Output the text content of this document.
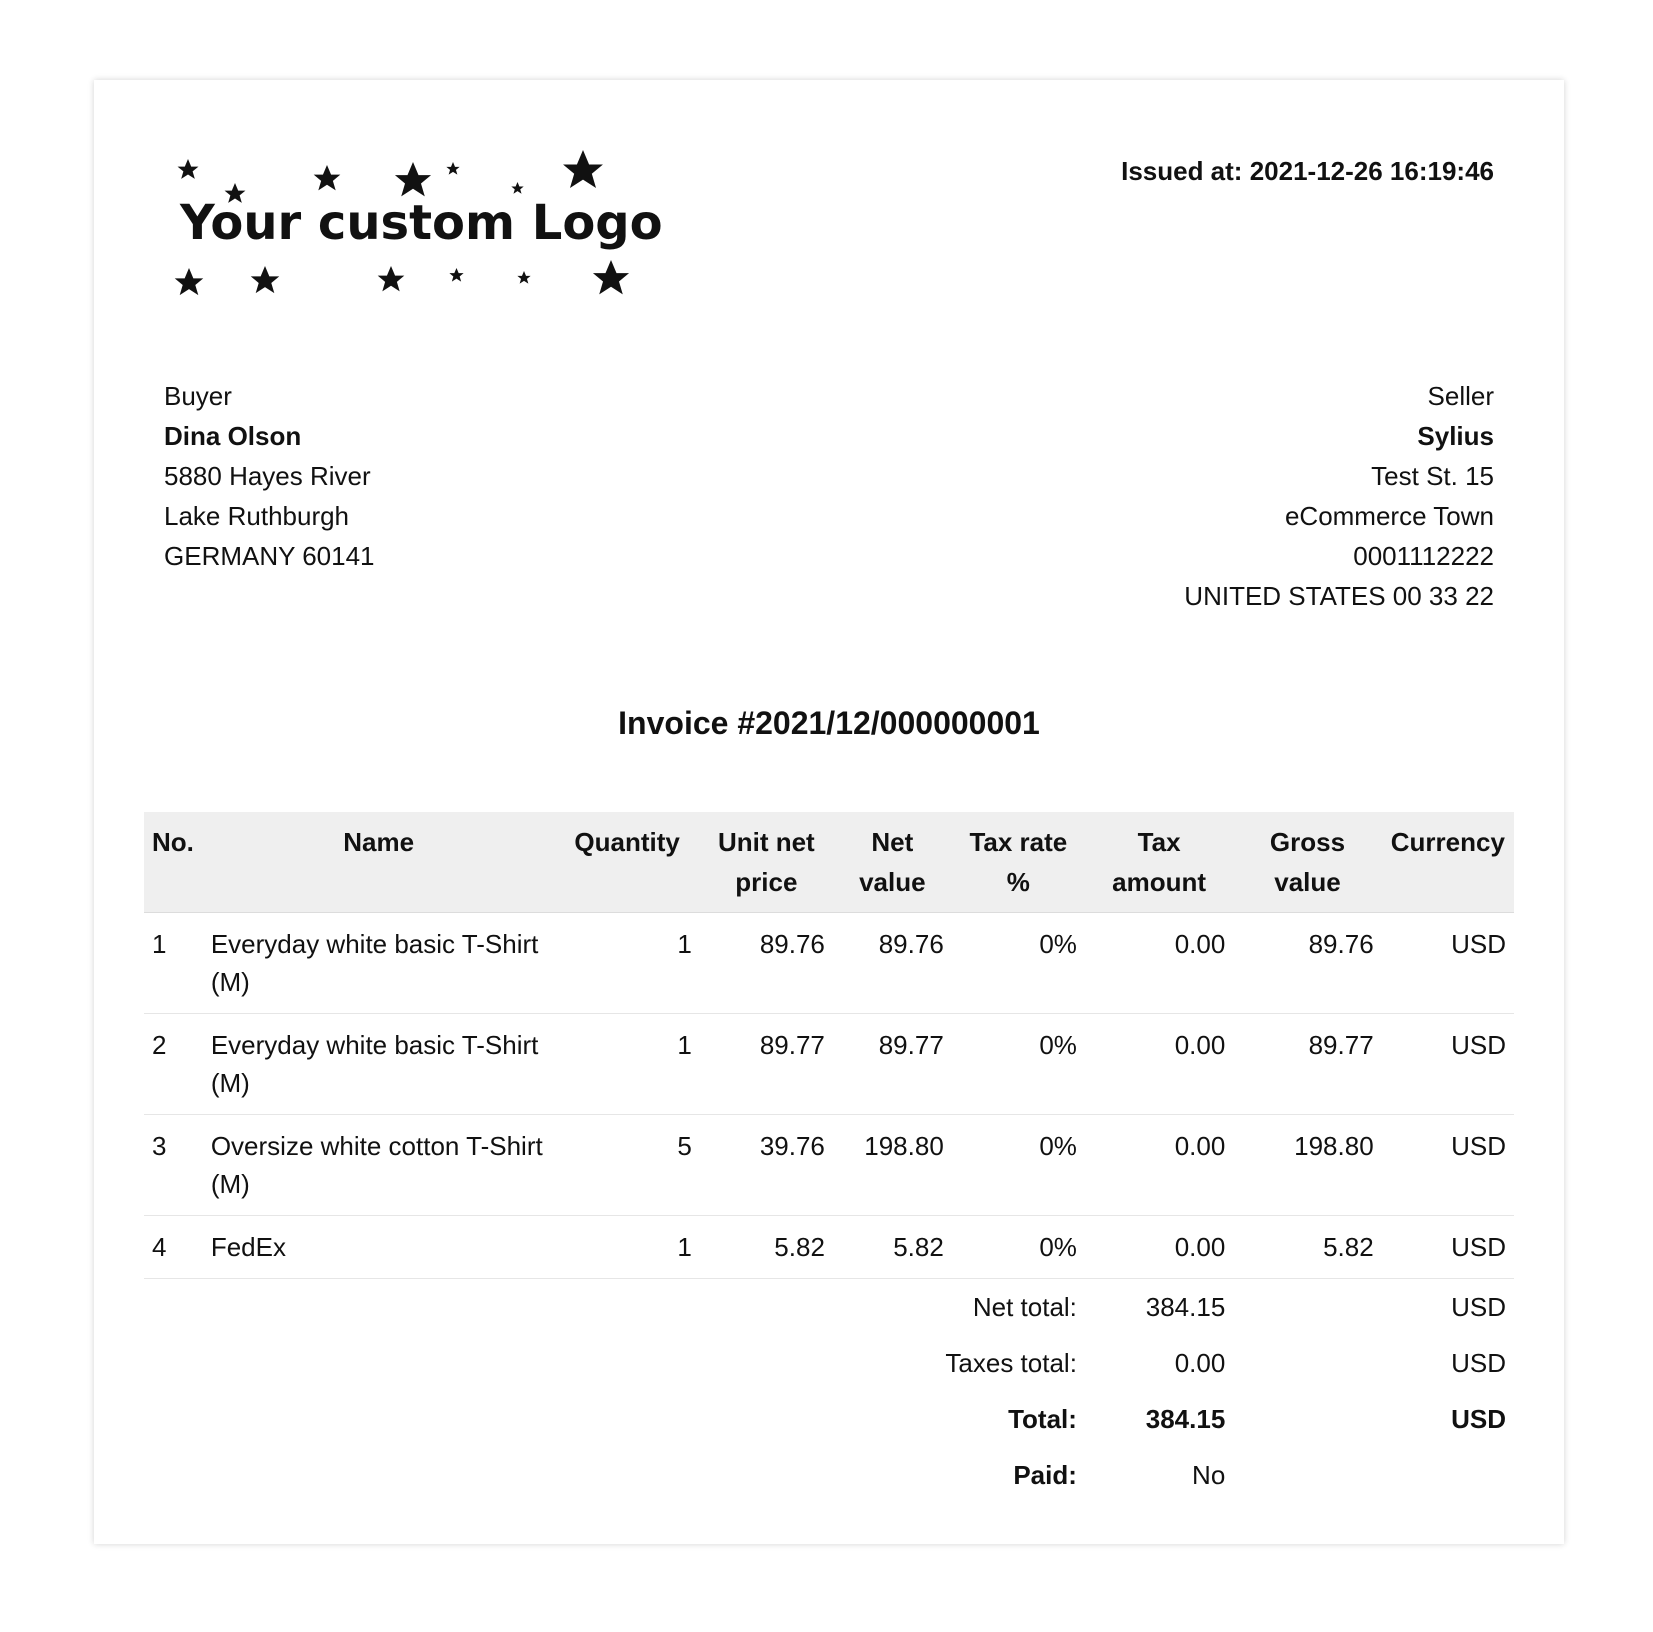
Your custom Logo
Issued at: 2021-12-26 16:19:46
Buyer
Dina Olson
5880 Hayes River
Lake Ruthburgh
GERMANY 60141
Seller
Sylius
Test St. 15
eCommerce Town
0001112222
UNITED STATES 00 33 22
Invoice #2021/12/000000001
No.	Name	Quantity	Unit net price	Net value	Tax rate %	Tax amount	Gross value	Currency
1	Everyday white basic T-Shirt (M)	1	89.76	89.76	0%	0.00	89.76	USD
2	Everyday white basic T-Shirt (M)	1	89.77	89.77	0%	0.00	89.77	USD
3	Oversize white cotton T-Shirt (M)	5	39.76	198.80	0%	0.00	198.80	USD
4	FedEx	1	5.82	5.82	0%	0.00	5.82	USD
Net total:						384.15	USD	
Taxes total:						0.00	USD	
Total:						384.15	USD	
Paid:						No		
